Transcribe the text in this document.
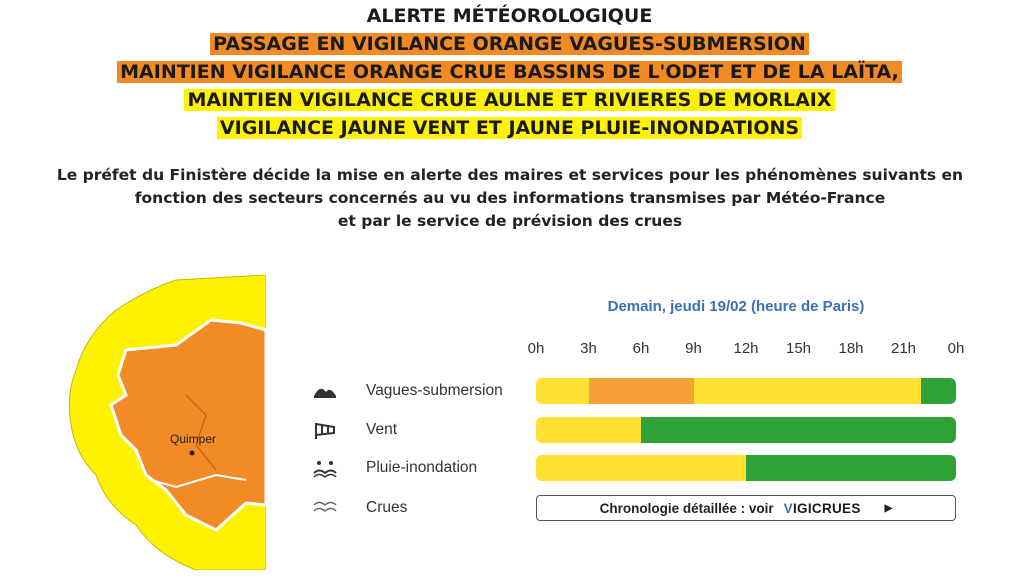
ALERTE MÉTÉOROLOGIQUE
PASSAGE EN VIGILANCE ORANGE VAGUES-SUBMERSION
MAINTIEN VIGILANCE ORANGE CRUE BASSINS DE L'ODET ET DE LA LAÏTA,
MAINTIEN VIGILANCE CRUE AULNE ET RIVIERES DE MORLAIX
VIGILANCE JAUNE VENT ET JAUNE PLUIE-INONDATIONS
Le préfet du Finistère décide la mise en alerte des maires et services pour les phénomènes suivants en
fonction des secteurs concernés au vu des informations transmises par Météo-France
et par le service de prévision des crues
Quimper
Demain, jeudi 19/02 (heure de Paris)
0h 3h 6h 9h 12h 15h 18h 21h 0h
Vagues-submersion
Vent
Pluie-inondation
Crues	Chronologie détaillée : voir VIGICRUES ▶
